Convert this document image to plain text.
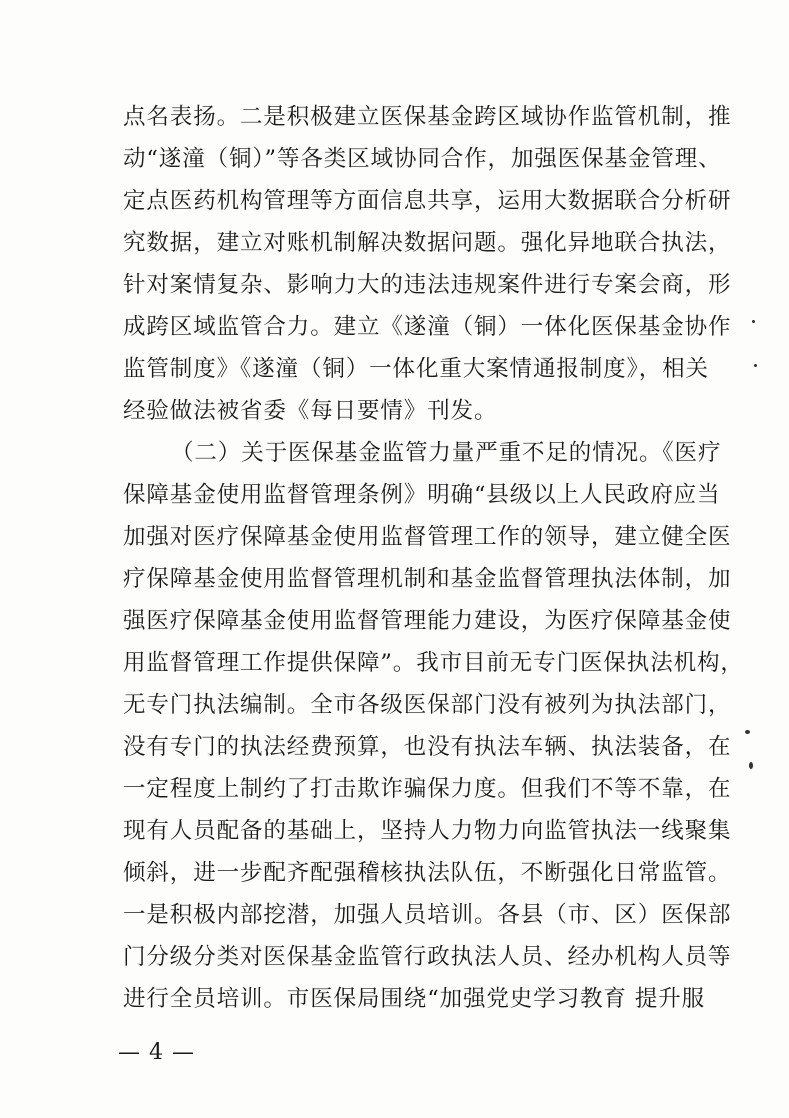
点名表扬。二是积极建立医保基金跨区域协作监管机制，推
动“遂潼（铜）”等各类区域协同合作，加强医保基金管理、
定点医药机构管理等方面信息共享，运用大数据联合分析研
究数据，建立对账机制解决数据问题。强化异地联合执法，
针对案情复杂、影响力大的违法违规案件进行专案会商，形
成跨区域监管合力。建立《遂潼（铜）一体化医保基金协作
监管制度》《遂潼（铜）一体化重大案情通报制度》，相关
经验做法被省委《每日要情》刊发。
（二）关于医保基金监管力量严重不足的情况。《医疗
保障基金使用监督管理条例》明确“县级以上人民政府应当
加强对医疗保障基金使用监督管理工作的领导，建立健全医
疗保障基金使用监督管理机制和基金监督管理执法体制，加
强医疗保障基金使用监督管理能力建设，为医疗保障基金使
用监督管理工作提供保障”。我市目前无专门医保执法机构，
无专门执法编制。全市各级医保部门没有被列为执法部门，
没有专门的执法经费预算，也没有执法车辆、执法装备，在
一定程度上制约了打击欺诈骗保力度。但我们不等不靠，在
现有人员配备的基础上，坚持人力物力向监管执法一线聚集
倾斜，进一步配齐配强稽核执法队伍，不断强化日常监管。
一是积极内部挖潜，加强人员培训。各县（市、区）医保部
门分级分类对医保基金监管行政执法人员、经办机构人员等
进行全员培训。市医保局围绕“加强党史学习教育 提升服
— 4 —
